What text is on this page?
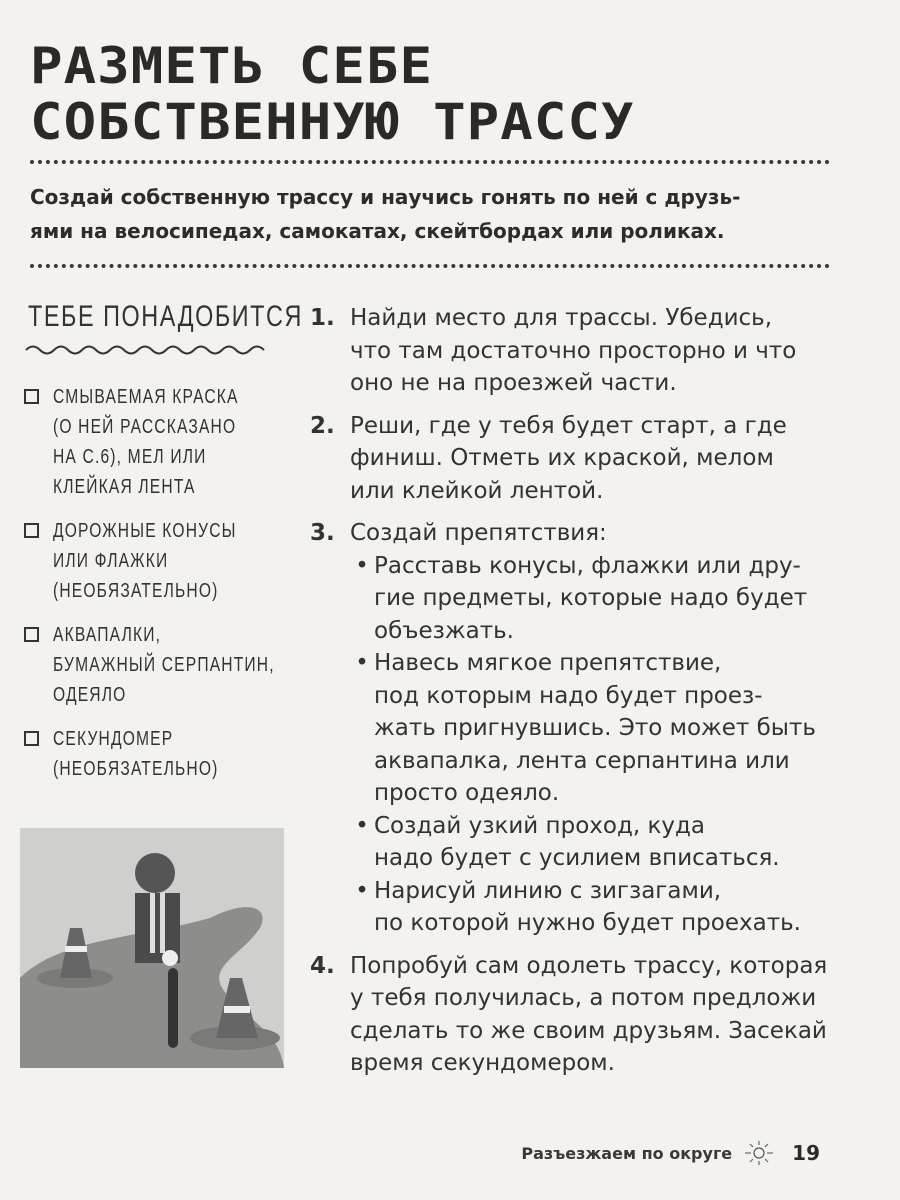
РАЗМЕТЬ СЕБЕ
СОБСТВЕННУЮ ТРАССУ
Создай собственную трассу и научись гонять по ней с друзь-
ями на велосипедах, самокатах, скейтбордах или роликах.
ТЕБЕ ПОНАДОБИТСЯ
СМЫВАЕМАЯ КРАСКА
(О НЕЙ РАССКАЗАНО
НА С.6), МЕЛ ИЛИ
КЛЕЙКАЯ ЛЕНТА
ДОРОЖНЫЕ КОНУСЫ
ИЛИ ФЛАЖКИ
(НЕОБЯЗАТЕЛЬНО)
АКВАПАЛКИ,
БУМАЖНЫЙ СЕРПАНТИН,
ОДЕЯЛО
СЕКУНДОМЕР
(НЕОБЯЗАТЕЛЬНО)
1. Найди место для трассы. Убедись,
что там достаточно просторно и что
оно не на проезжей части.
2. Реши, где у тебя будет старт, а где
финиш. Отметь их краской, мелом
или клейкой лентой.
3. Создай препятствия:
• Расставь конусы, флажки или дру-
гие предметы, которые надо будет
объезжать.
• Навесь мягкое препятствие,
под которым надо будет проез-
жать пригнувшись. Это может быть
аквапалка, лента серпантина или
просто одеяло.
• Создай узкий проход, куда
надо будет с усилием вписаться.
• Нарисуй линию с зигзагами,
по которой нужно будет проехать.
4. Попробуй сам одолеть трассу, которая
у тебя получилась, а потом предложи
сделать то же своим друзьям. Засекай
время секундомером.
Разъезжаем по округе	19
